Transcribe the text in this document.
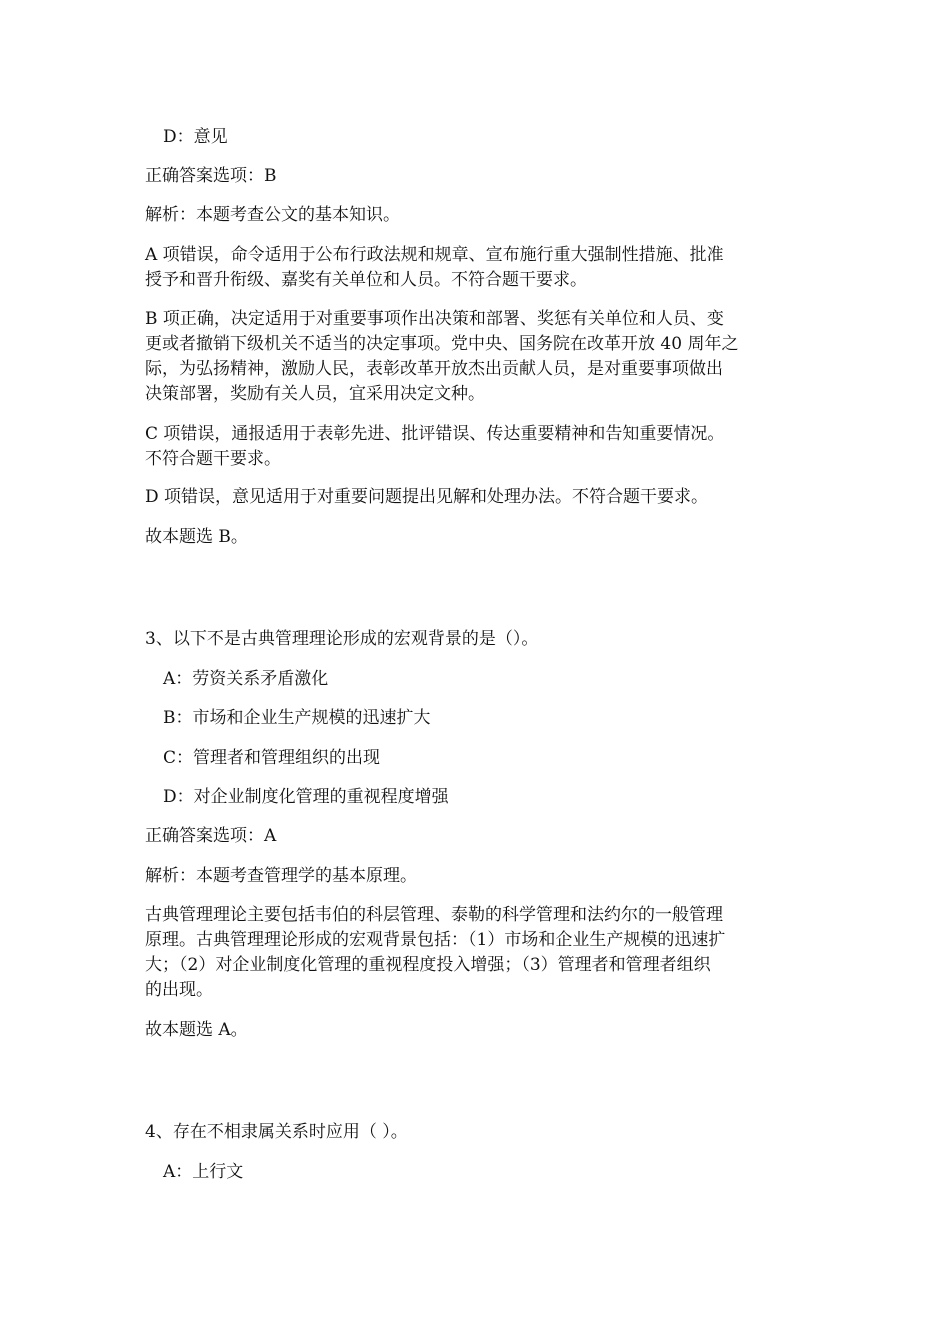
D：意见

正确答案选项：B

解析：本题考查公文的基本知识。

A 项错误，命令适用于公布行政法规和规章、宣布施行重大强制性措施、批准
授予和晋升衔级、嘉奖有关单位和人员。不符合题干要求。

B 项正确，决定适用于对重要事项作出决策和部署、奖惩有关单位和人员、变
更或者撤销下级机关不适当的决定事项。党中央、国务院在改革开放 40 周年之
际，为弘扬精神，激励人民，表彰改革开放杰出贡献人员，是对重要事项做出
决策部署，奖励有关人员，宜采用决定文种。

C 项错误，通报适用于表彰先进、批评错误、传达重要精神和告知重要情况。
不符合题干要求。

D 项错误，意见适用于对重要问题提出见解和处理办法。不符合题干要求。

故本题选 B。

3、以下不是古典管理理论形成的宏观背景的是（）。

A：劳资关系矛盾激化

B：市场和企业生产规模的迅速扩大

C：管理者和管理组织的出现

D：对企业制度化管理的重视程度增强

正确答案选项：A

解析：本题考查管理学的基本原理。

古典管理理论主要包括韦伯的科层管理、泰勒的科学管理和法约尔的一般管理
原理。古典管理理论形成的宏观背景包括：（1）市场和企业生产规模的迅速扩
大；（2）对企业制度化管理的重视程度投入增强；（3）管理者和管理者组织
的出现。

故本题选 A。

4、存在不相隶属关系时应用（ ）。

A：上行文
